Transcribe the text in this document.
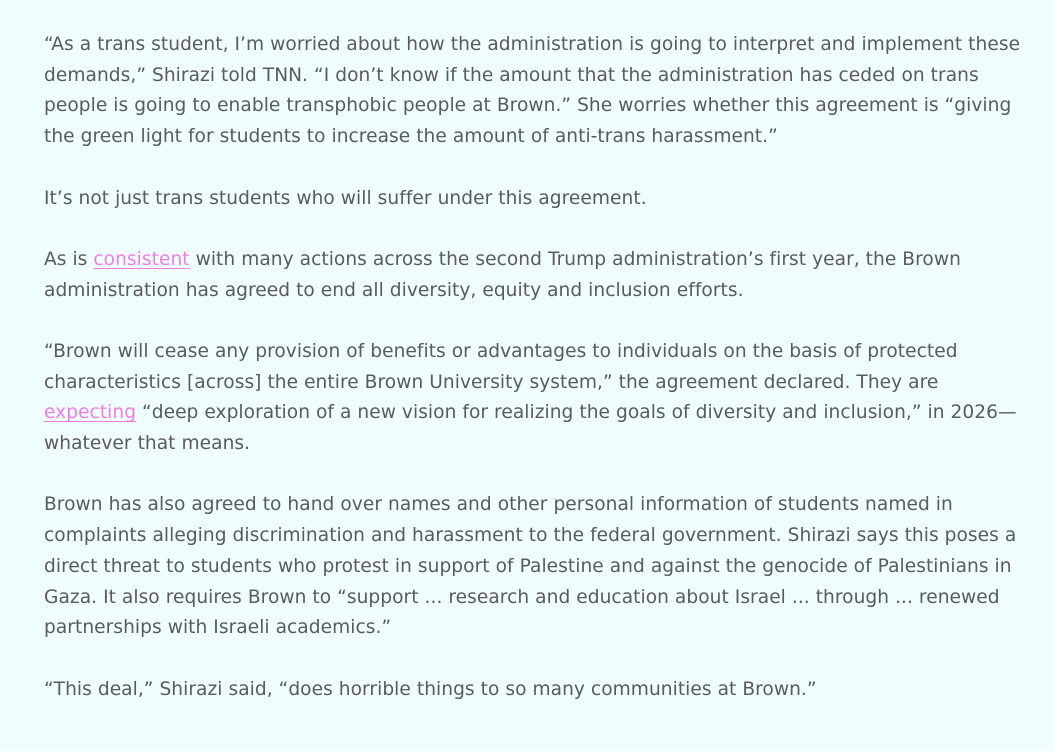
“As a trans student, I’m worried about how the administration is going to interpret and implement these demands,” Shirazi told TNN. “I don’t know if the amount that the administration has ceded on trans people is going to enable transphobic people at Brown.” She worries whether this agreement is “giving the green light for students to increase the amount of anti-trans harassment.”

It’s not just trans students who will suffer under this agreement.

As is consistent with many actions across the second Trump administration’s first year, the Brown administration has agreed to end all diversity, equity and inclusion efforts.

“Brown will cease any provision of benefits or advantages to individuals on the basis of protected characteristics [across] the entire Brown University system,” the agreement declared. They are expecting “deep exploration of a new vision for realizing the goals of diversity and inclusion,” in 2026—whatever that means.

Brown has also agreed to hand over names and other personal information of students named in complaints alleging discrimination and harassment to the federal government. Shirazi says this poses a direct threat to students who protest in support of Palestine and against the genocide of Palestinians in Gaza. It also requires Brown to “support ... research and education about Israel ... through ... renewed partnerships with Israeli academics.”

“This deal,” Shirazi said, “does horrible things to so many communities at Brown.”
